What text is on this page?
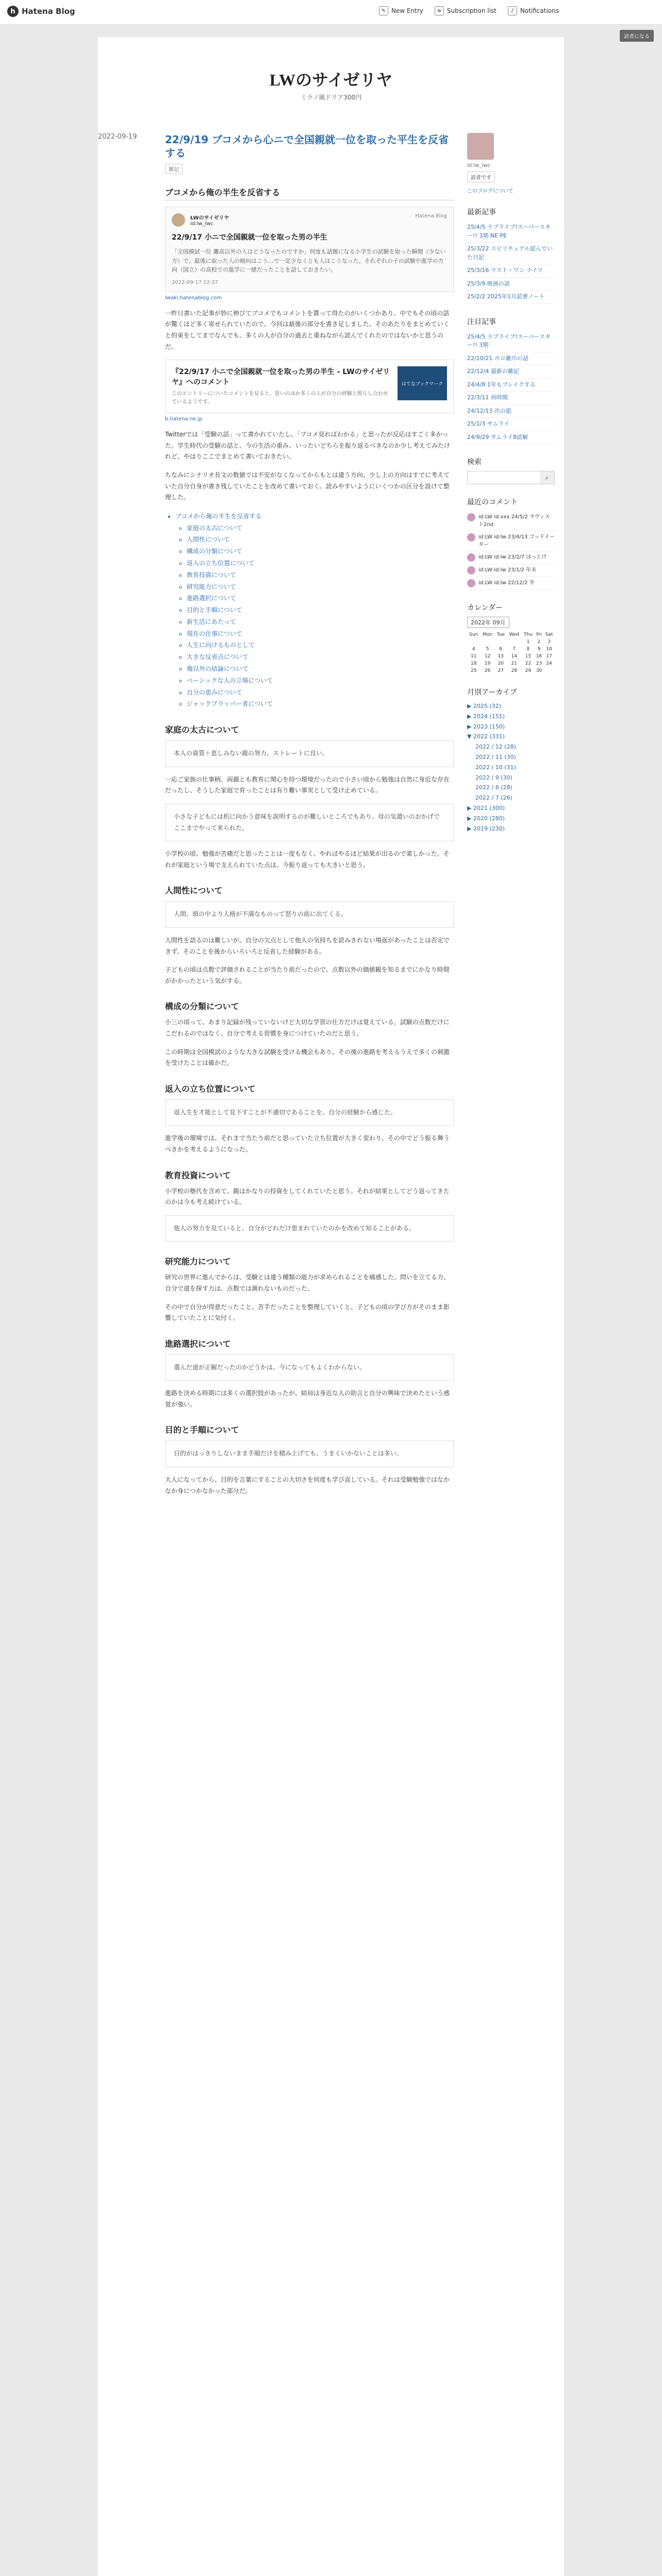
h Hatena Blog	✎ New Entry	≡ Subscription list	♪ Notifications
読者になる
LWのサイゼリヤ
ミラノ風ドリア300円
2022-09-19	22/9/19 ブコメから心ニで全国親就一位を取った平生を反省する
雑記
ブコメから俺の半生を反省する
LWのサイゼリヤ
id:lw_lwc
Hatena Blog
22/9/17 小ニで全国親就一位を取った男の半生
「全国模試一位 灘高以外の人はどうなったのですか」何度も話題になる小学生の試験を取った瞬間（少ない方）で、最後に取った人の傾向はこう…で一定少なくとも人はこうなった、それぞれの子の試験や進学の方向（国立）の高校での進学に一緒だったことを話しておきたい。
2022-09-17 12:37
lwaki.hatenablog.com

一昨日書いた記事が妙に伸びてブコメでもコメントを貰って得たのがいくつかあり、中でもその頃の話が驚くほど多く寄せられていたので、今回は最後の部分を書き足しました。そのあたりをまとめていくと約束をしてまでなんでも、多くの人が自分の過去と重ねながら読んでくれたのではないかと思うのだ。

『22/9/17 小ニで全国親就一位を取った男の半生 - LWのサイゼリヤ』へのコメント
このエントリーについたコメントを見ると、思いのほか多くの人が自分の経験と照らし合わせているようです。
はてなブックマーク
b.hatena.ne.jp

Twitterでは「受験の話」って書かれていたし、「ブコメ見ればわかる」と思ったが反応はすごく多かった。学生時代の受験の話と、今の生活の重み、いったいどちらを振り返るべきなのか少し考えてみたけれど、やはりここでまとめて書いておきたい。

ちなみにシナリオ長文の数値では不安がなくなってからもとは違う方向、少し上の方向はすでに考えていた自分自身が書き残していたことを改めて書いておく。読みやすいようにいくつかの区分を設けて整理した。

• ブコメから俺の半生を反省する
◦ 家庭の太古について
◦ 人間性について
◦ 構成の分類について
◦ 返入の立ち位置について
◦ 教育投資について
◦ 研究能力について
◦ 進路選択について
◦ 目的と手順について
◦ 新生活にあたって
◦ 現在の仕事について
◦ 人生に向けるものとして
◦ 大きな反省点について
◦ 俺以外の結論について
◦ ベーシックな人の立場について
◦ 自分の恵みについて
◦ ジャックブラッパー者について
家庭の太古について
本人の資質＋恵しみない親の努力、ストレートに良い。

一応ご家族の仕事柄、両親とも教育に関心を持つ環境だったので小さい頃から勉強は自然に身近な存在だったし、そうした家庭で育ったことは有り難い事実として受け止めている。

小さな子どもには机に向かう意味を説明するのが難しいところでもあり、母の気遣いのおかげでここまでやって来られた。

小学校の頃、勉強が苦痛だと思ったことは一度もなく、やればやるほど結果が出るので楽しかった。それが家庭という場で支えられていた点は、今振り返っても大きいと思う。

人間性について
人間、頭の中より人格が不満なものって怒りの前に出てくる。

人間性を語るのは難しいが、自分の欠点として他人の気持ちを読みきれない場面があったことは否定できず、そのことを後からいろいろと反省した経験がある。

子どもの頃は点数で評価されることが当たり前だったので、点数以外の価値観を知るまでにかなり時間がかかったという気がする。

構成の分類について

小三の頃って、あまり記録が残っていないけど大切な学習の仕方だけは覚えている。試験の点数だけにこだわるのではなく、自分で考える習慣を身につけていたのだと思う。

この時期は全国模試のような大きな試験を受ける機会もあり、その後の進路を考えるうえで多くの刺激を受けたことは確かだ。

返入の立ち位置について
返入生を才能として見下すことが不適切であることを、自分の経験から感じた。

進学後の環境では、それまで当たり前だと思っていた立ち位置が大きく変わり、その中でどう振る舞うべきかを考えるようになった。

教育投資について

小学校の塾代を含めて、親はかなりの投資をしてくれていたと思う。それが結果としてどう返ってきたのかは今も考え続けている。

他人の努力を見ていると、自分がどれだけ恵まれていたのかを改めて知ることがある。
研究能力について

研究の世界に進んでからは、受験とは違う種類の能力が求められることを痛感した。問いを立てる力、自分で道を探す力は、点数では測れないものだった。

その中で自分が得意だったこと、苦手だったことを整理していくと、子どもの頃の学び方がそのまま影響していたことに気付く。

進路選択について
選んだ道が正解だったのかどうかは、今になってもよくわからない。

進路を決める時期には多くの選択肢があったが、結局は身近な人の助言と自分の興味で決めたという感覚が強い。

目的と手順について
目的がはっきりしないまま手順だけを積み上げても、うまくいかないことは多い。

大人になってから、目的を言葉にすることの大切さを何度も学び直している。それは受験勉強ではなかなか身につかなかった部分だ。

id:lw_lwc
読者です
このブログについて
最新記事
25/4/5 ラブライブ!スーパースター!! 3期 NE PE
25/3/22 スピリチュアル読んでいた日記
25/3/16 ラスト・ワン ナイツ
25/3/9 映画の話
25/2/2 2025年1月読書ノート
注目記事
25/4/5 ラブライブ!スーパースター!! 3期
22/10/21 ボロ雑巾の話
22/12/4 最新の雑記
24/4/8 1年もブレイクする
22/3/11 何時間
24/12/13 次の旅
25/1/3 サムライ
24/9/29 サムライ8読解
検索
⌕
最近のコメント
id:LW id:xxx 24/5/2 ラヴィスト2nd
id:LW id:lw 23/4/13 ゴッドイーター
id:LW id:lw 23/2/7 ほっとけ
id:LW id:lw 23/1/2 年末
id:LW id:lw 22/12/2 冬
カレンダー
2022年 09月
Sun	Mon	Tue	Wed	Thu	Fri	Sat
				1	2	3
4	5	6	7	8	9	10
11	12	13	14	15	16	17
18	19	20	21	22	23	24
25	26	27	28	29	30	
月別アーカイブ
▶ 2025 (32)
▶ 2024 (151)
▶ 2023 (150)
▼ 2022 (331)
2022 / 12 (28)
2022 / 11 (30)
2022 / 10 (31)
2022 / 9 (30)
2022 / 8 (28)
2022 / 7 (26)
▶ 2021 (300)
▶ 2020 (280)
▶ 2019 (230)
